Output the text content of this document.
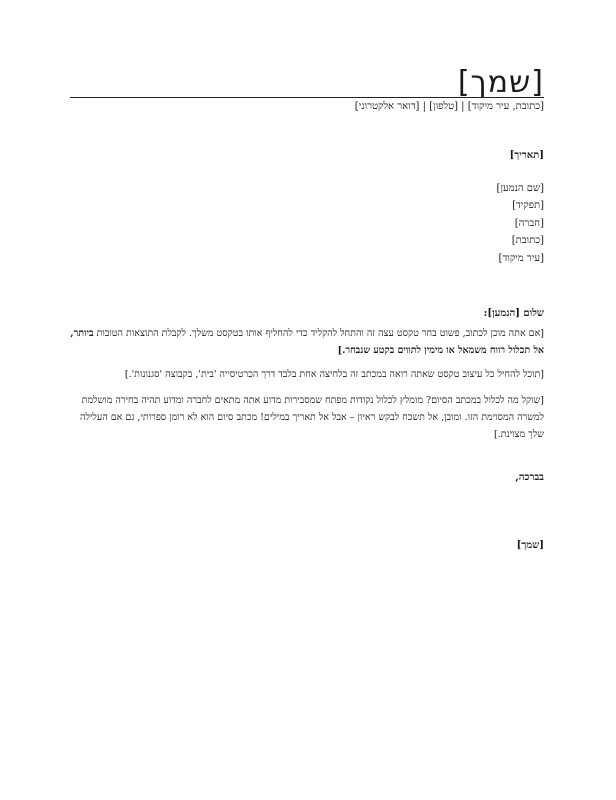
[שמך]
[כתובת, עיר מיקוד] | [טלפון] | [דואר אלקטרוני]
[תאריך]
[שם הנמען]
[תפקיד]
[חברה]
[כתובת]
[עיר מיקוד]
שלום [הנמען]:
[אם אתה מוכן לכתוב, פשוט בחר טקסט עצה זה והתחל להקליד כדי להחליף אותו בטקסט משלך. לקבלת התוצאות הטובות ביותר, אל תכלול רווח משמאל או מימין לתווים בקטע שנבחר.]
[תוכל להחיל כל עיצוב טקסט שאתה רואה במכתב זה בלחיצה אחת בלבד דרך הכרטיסייה 'בית', בקבוצה 'סגנונות'.]
[שוקל מה לכלול במכתב הסיום? מומלץ לכלול נקודות מפתח שמסבירות מדוע אתה מתאים לחברה ומדוע תהיה בחירה מושלמת למשרה המסוימת הזו. ומובן, אל תשכח לבקש ראיון – אבל אל תאריך במילים! מכתב סיום הוא לא רומן ספרותי, גם אם העלילה שלך מצוינת.]
בברכה,
[שמך]
